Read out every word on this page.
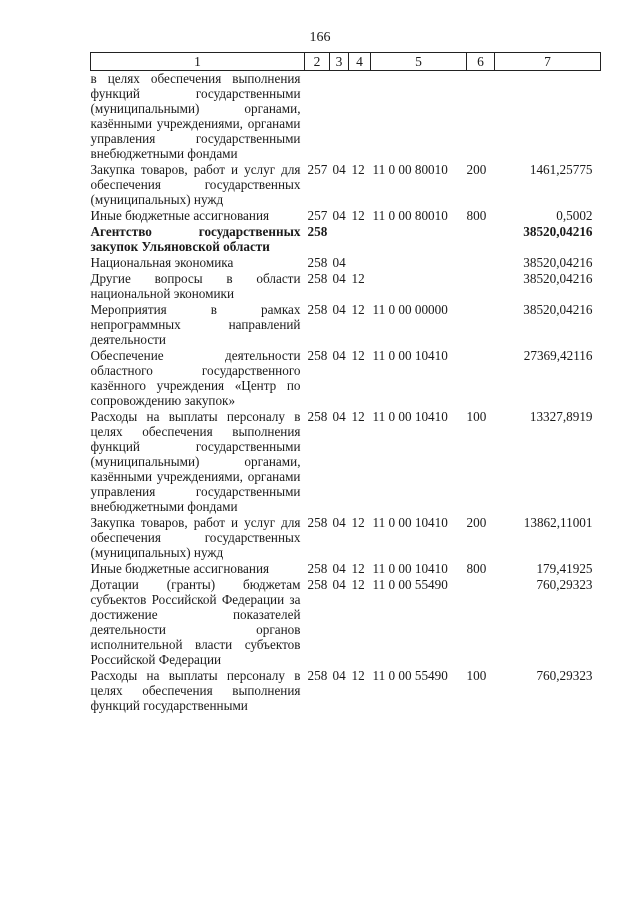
166
1	2	3	4	5	6	7
в целях обеспечения выполнения функций государственными (муниципальными) органами, казёнными учреждениями, органами управления государственными внебюджетными фондами						
Закупка товаров, работ и услуг для обеспечения государственных (муниципальных) нужд	257	04	12	11 0 00 80010	200	1461,25775
Иные бюджетные ассигнования	257	04	12	11 0 00 80010	800	0,5002
Агентство государственных закупок Ульяновской области	258					38520,04216
Национальная экономика	258	04				38520,04216
Другие вопросы в области национальной экономики	258	04	12			38520,04216
Мероприятия в рамках непрограммных направлений деятельности	258	04	12	11 0 00 00000		38520,04216
Обеспечение деятельности областного государственного казённого учреждения «Центр по сопровождению закупок»	258	04	12	11 0 00 10410		27369,42116
Расходы на выплаты персоналу в целях обеспечения выполнения функций государственными (муниципальными) органами, казёнными учреждениями, органами управления государственными внебюджетными фондами	258	04	12	11 0 00 10410	100	13327,8919
Закупка товаров, работ и услуг для обеспечения государственных (муниципальных) нужд	258	04	12	11 0 00 10410	200	13862,11001
Иные бюджетные ассигнования	258	04	12	11 0 00 10410	800	179,41925
Дотации (гранты) бюджетам субъектов Российской Федерации за достижение показателей деятельности органов исполнительной власти субъектов Российской Федерации	258	04	12	11 0 00 55490		760,29323
Расходы на выплаты персоналу в целях обеспечения выполнения функций государственными	258	04	12	11 0 00 55490	100	760,29323
